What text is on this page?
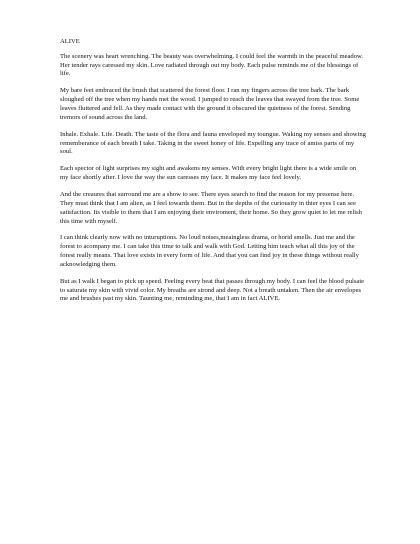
ALIVE

The scenery was heart wrenching. The beauty was overwhelming. I could feel the warmth in the peaceful meadow. Her tender rays caressed my skin. Love radiated through out my body. Each pulse reminds me of the blessings of life.

My bare feet embraced the brush that scattered the forest floor. I ran my fingers across the tree bark. The bark sloughed off the tree when my hands met the wood. I jumped to reach the leaves that swayed from the tree. Some leaves fluttered and fell. As they made contact with the ground it obscured the quietness of the forest. Sending tremors of sound across the land.

Inhale. Exhale. Life. Death. The taste of the flora and fauna enveloped my toungue. Waking my senses and showing rememberance of each breath I take. Taking in the sweet honey of life. Expelling any trace of amiss parts of my soul.

Each spector of light surprises my sight and awakens my senses. With every bright light there is a wide smile on my face shortly after. I love the way the sun caresses my face. It makes my face feel lovely.

And the creaures that surround me are a show to see. There eyes search to find the reason for my presense here. They must think that I am alien, as I feel towards them. But in the depths of the curiousity in thier eyes I can see satisfaction. Its visible to them that I am enjoying their enviroment, their home. So they grow quiet to let me relish this time with myself.

I can think clearly now with no inturuptions. No loud noises,meaingless drama, or horid smells. Just me and the forest to acompany me. I can take this time to talk and walk with God. Letting him teach what all this joy of the forest really means. That love exists in every form of life. And that you can find joy in these things without really acknowledging them.

But as I walk I began to pick up speed. Feeling every beat that passes through my body. I can feel the blood pulsate to saturate my skin with vivid color. My breaths are strond and deep. Not a breath untaken. Then the air envelopes me and brushes past my skin. Taunting me, reminding me, that I am in fact ALIVE.
